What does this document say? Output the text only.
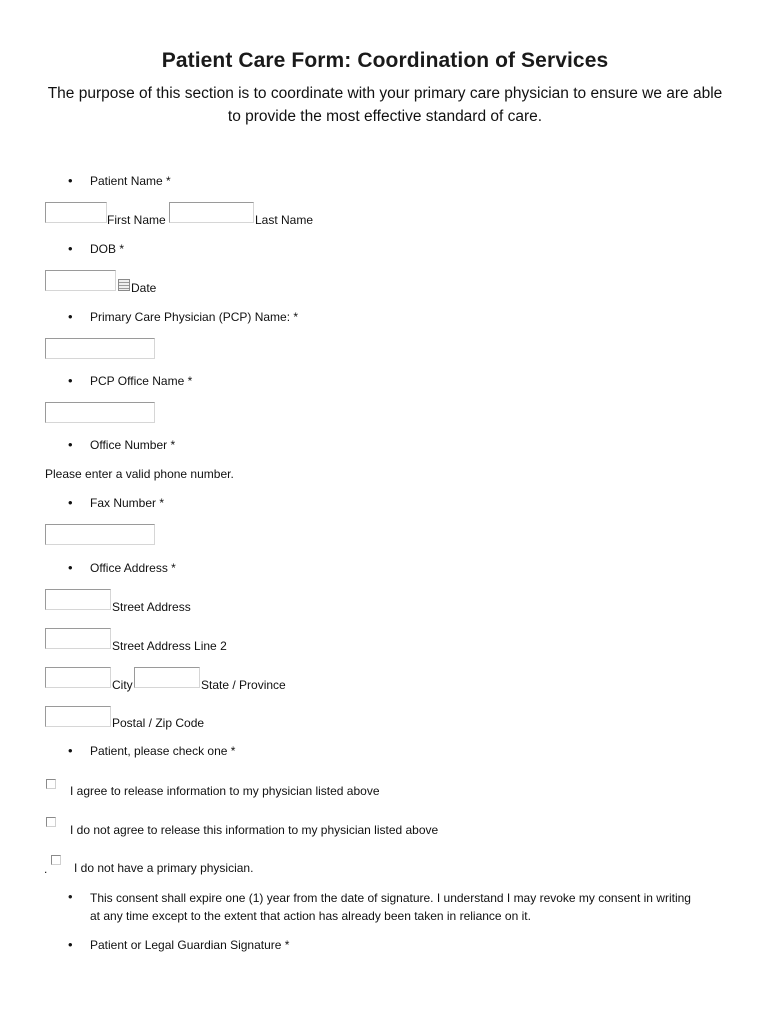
Patient Care Form: Coordination of Services
The purpose of this section is to coordinate with your primary care physician to ensure we are able to provide the most effective standard of care.
• Patient Name *
First Name	Last Name
• DOB *
Date
• Primary Care Physician (PCP) Name: *
• PCP Office Name *
• Office Number *
Please enter a valid phone number.
• Fax Number *
• Office Address *
Street Address
Street Address Line 2
City	State / Province
Postal / Zip Code
• Patient, please check one *
I agree to release information to my physician listed above
I do not agree to release this information to my physician listed above
. I do not have a primary physician.
• This consent shall expire one (1) year from the date of signature. I understand I may revoke my consent in writing at any time except to the extent that action has already been taken in reliance on it.
• Patient or Legal Guardian Signature *
